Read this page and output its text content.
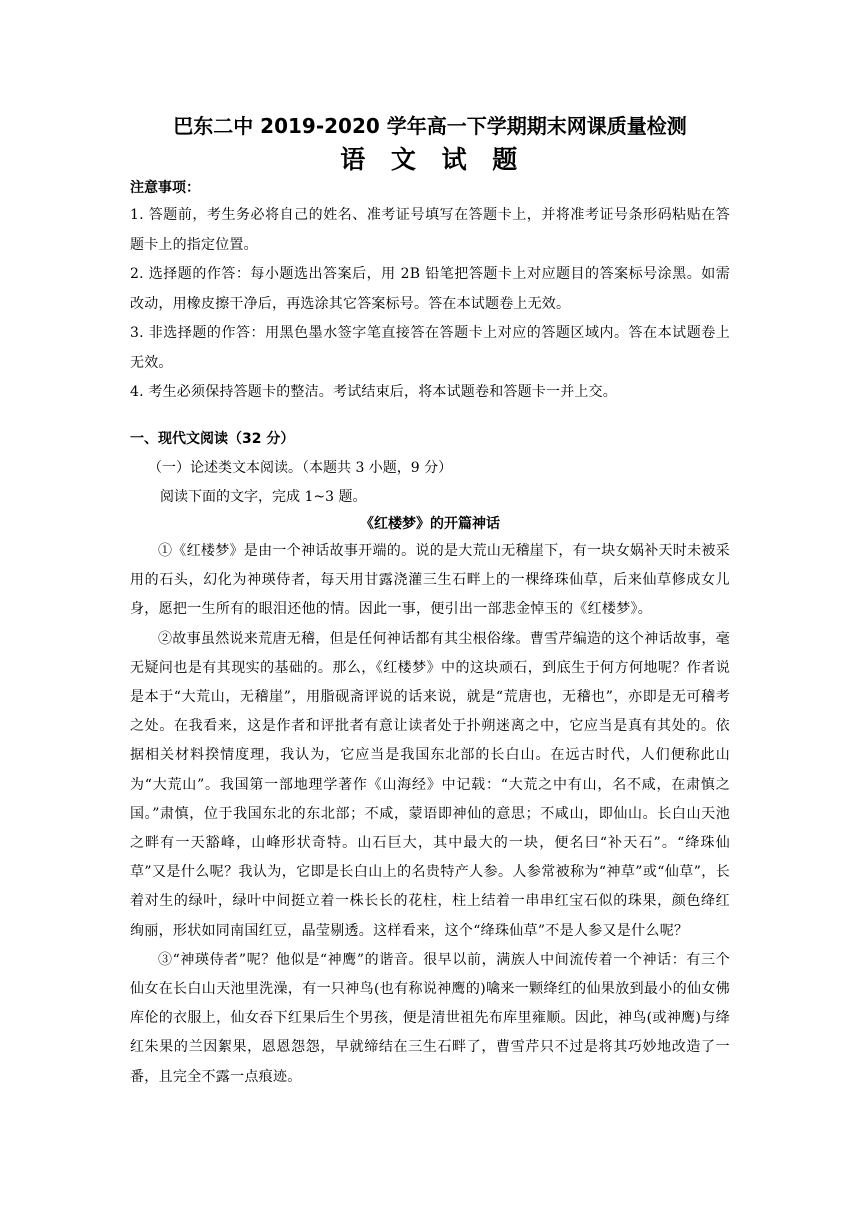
巴东二中 2019-2020 学年高一下学期期末网课质量检测
语 文 试 题
注意事项：
1. 答题前，考生务必将自己的姓名、准考证号填写在答题卡上，并将准考证号条形码粘贴在答题卡上的指定位置。
2. 选择题的作答：每小题选出答案后，用 2B 铅笔把答题卡上对应题目的答案标号涂黑。如需改动，用橡皮擦干净后，再选涂其它答案标号。答在本试题卷上无效。
3. 非选择题的作答：用黑色墨水签字笔直接答在答题卡上对应的答题区域内。答在本试题卷上无效。
4. 考生必须保持答题卡的整洁。考试结束后，将本试题卷和答题卡一并上交。
一、现代文阅读（32 分）
（一）论述类文本阅读。（本题共 3 小题，9 分）
阅读下面的文字，完成 1~3 题。
《红楼梦》的开篇神话

①《红楼梦》是由一个神话故事开端的。说的是大荒山无稽崖下，有一块女娲补天时未被采用的石头，幻化为神瑛侍者，每天用甘露浇灌三生石畔上的一棵绛珠仙草，后来仙草修成女儿身，愿把一生所有的眼泪还他的情。因此一事，便引出一部悲金悼玉的《红楼梦》。

②故事虽然说来荒唐无稽，但是任何神话都有其尘根俗缘。曹雪芹编造的这个神话故事，毫无疑问也是有其现实的基础的。那么，《红楼梦》中的这块顽石，到底生于何方何地呢？作者说是本于“大荒山，无稽崖”，用脂砚斋评说的话来说，就是“荒唐也，无稽也”，亦即是无可稽考之处。在我看来，这是作者和评批者有意让读者处于扑朔迷离之中，它应当是真有其处的。依据相关材料揆情度理，我认为，它应当是我国东北部的长白山。在远古时代，人们便称此山为“大荒山”。我国第一部地理学著作《山海经》中记载：“大荒之中有山，名不咸，在肃慎之国。”肃慎，位于我国东北的东北部；不咸，蒙语即神仙的意思；不咸山，即仙山。长白山天池之畔有一天豁峰，山峰形状奇特。山石巨大，其中最大的一块，便名曰“补天石”。“绛珠仙草”又是什么呢？我认为，它即是长白山上的名贵特产人参。人参常被称为“神草”或“仙草”，长着对生的绿叶，绿叶中间挺立着一株长长的花柱，柱上结着一串串红宝石似的珠果，颜色绛红绚丽，形状如同南国红豆，晶莹剔透。这样看来，这个“绛珠仙草”不是人参又是什么呢？

③“神瑛侍者”呢？他似是“神鹰”的谐音。很早以前，满族人中间流传着一个神话：有三个仙女在长白山天池里洗澡，有一只神鸟(也有称说神鹰的)噙来一颗绛红的仙果放到最小的仙女佛库伦的衣服上，仙女吞下红果后生个男孩，便是清世祖先布库里雍顺。因此，神鸟(或神鹰)与绛红朱果的兰因絮果，恩恩怨怨，早就缔结在三生石畔了，曹雪芹只不过是将其巧妙地改造了一番，且完全不露一点痕迹。
